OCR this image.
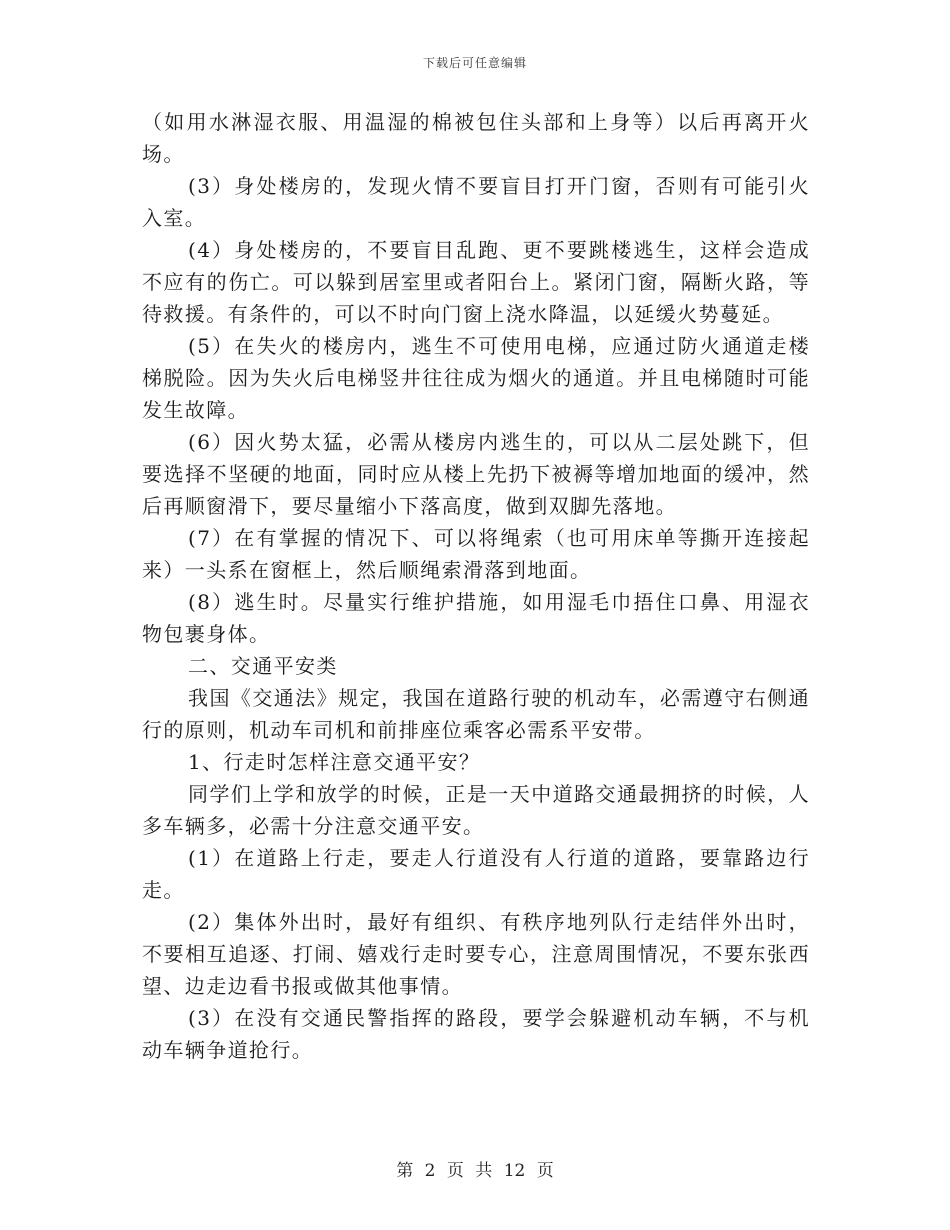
下载后可任意编辑

（如用水淋湿衣服、用温湿的棉被包住头部和上身等）以后再离开火场。

(3）身处楼房的，发现火情不要盲目打开门窗，否则有可能引火入室。

(4）身处楼房的，不要盲目乱跑、更不要跳楼逃生，这样会造成不应有的伤亡。可以躲到居室里或者阳台上。紧闭门窗，隔断火路，等待救援。有条件的，可以不时向门窗上浇水降温，以延缓火势蔓延。

(5）在失火的楼房内，逃生不可使用电梯，应通过防火通道走楼梯脱险。因为失火后电梯竖井往往成为烟火的通道。并且电梯随时可能发生故障。

(6）因火势太猛，必需从楼房内逃生的，可以从二层处跳下，但要选择不坚硬的地面，同时应从楼上先扔下被褥等增加地面的缓冲，然后再顺窗滑下，要尽量缩小下落高度，做到双脚先落地。

(7）在有掌握的情况下、可以将绳索（也可用床单等撕开连接起来）一头系在窗框上，然后顺绳索滑落到地面。

(8）逃生时。尽量实行维护措施，如用湿毛巾捂住口鼻、用湿衣物包裹身体。

二、交通平安类

我国《交通法》规定，我国在道路行驶的机动车，必需遵守右侧通行的原则，机动车司机和前排座位乘客必需系平安带。

1、行走时怎样注意交通平安？

同学们上学和放学的时候，正是一天中道路交通最拥挤的时候，人多车辆多，必需十分注意交通平安。

(1）在道路上行走，要走人行道没有人行道的道路，要靠路边行走。

(2）集体外出时，最好有组织、有秩序地列队行走结伴外出时，不要相互追逐、打闹、嬉戏行走时要专心，注意周围情况，不要东张西望、边走边看书报或做其他事情。

(3）在没有交通民警指挥的路段，要学会躲避机动车辆，不与机动车辆争道抢行。

第 2 页 共 12 页
